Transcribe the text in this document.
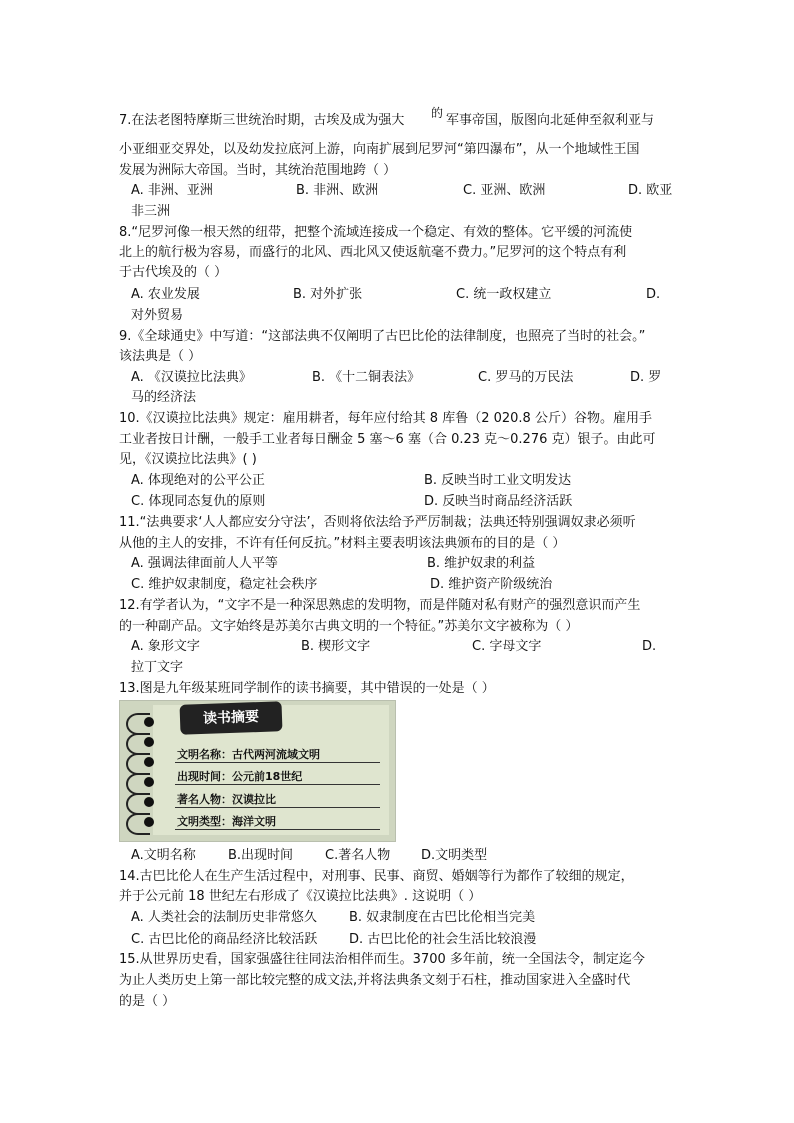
7.在法老图特摩斯三世统治时期，古埃及成为强大 的 军事帝国，版图向北延伸至叙利亚与
小亚细亚交界处，以及幼发拉底河上游，向南扩展到尼罗河“第四瀑布”，从一个地域性王国
发展为洲际大帝国。当时，其统治范围地跨（ ）
A. 非洲、亚洲	B. 非洲、欧洲	C. 亚洲、欧洲	D. 欧亚
非三洲
8.“尼罗河像一根天然的纽带，把整个流域连接成一个稳定、有效的整体。它平缓的河流使
北上的航行极为容易，而盛行的北风、西北风又使返航毫不费力。”尼罗河的这个特点有利
于古代埃及的（ ）
A. 农业发展	B. 对外扩张	C. 统一政权建立	D.
对外贸易
9.《全球通史》中写道：“这部法典不仅阐明了古巴比伦的法律制度，也照亮了当时的社会。”
该法典是（ ）
A. 《汉谟拉比法典》	B. 《十二铜表法》	C. 罗马的万民法	D. 罗
马的经济法
10.《汉谟拉比法典》规定：雇用耕者，每年应付给其 8 库鲁（2 020.8 公斤）谷物。雇用手
工业者按日计酬，一般手工业者每日酬金 5 塞～6 塞（合 0.23 克～0.276 克）银子。由此可
见，《汉谟拉比法典》( )
A. 体现绝对的公平公正	B. 反映当时工业文明发达
C. 体现同态复仇的原则	D. 反映当时商品经济活跃
11.“法典要求‘人人都应安分守法’，否则将依法给予严厉制裁；法典还特别强调奴隶必须听
从他的主人的安排，不许有任何反抗。”材料主要表明该法典颁布的目的是（ ）
A. 强调法律面前人人平等	B. 维护奴隶的利益
C. 维护奴隶制度，稳定社会秩序	D. 维护资产阶级统治
12.有学者认为，“文字不是一种深思熟虑的发明物，而是伴随对私有财产的强烈意识而产生
的一种副产品。文字始终是苏美尔古典文明的一个特征。”苏美尔文字被称为（ ）
A. 象形文字	B. 楔形文字	C. 字母文字	D.
拉丁文字
13.图是九年级某班同学制作的读书摘要，其中错误的一处是（ ）
读书摘要
文明名称：古代两河流域文明
出现时间：公元前18世纪
著名人物：汉谟拉比
文明类型：海洋文明
A.文明名称 B.出现时间 C.著名人物 D.文明类型
14.古巴比伦人在生产生活过程中，对刑事、民事、商贸、婚姻等行为都作了较细的规定，
并于公元前 18 世纪左右形成了《汉谟拉比法典》. 这说明（ ）
A. 人类社会的法制历史非常悠久 B. 奴隶制度在古巴比伦相当完美
C. 古巴比伦的商品经济比较活跃 D. 古巴比伦的社会生活比较浪漫
15.从世界历史看，国家强盛往往同法治相伴而生。3700 多年前，统一全国法令，制定迄今
为止人类历史上第一部比较完整的成文法,并将法典条文刻于石柱，推动国家进入全盛时代
的是（ ）
